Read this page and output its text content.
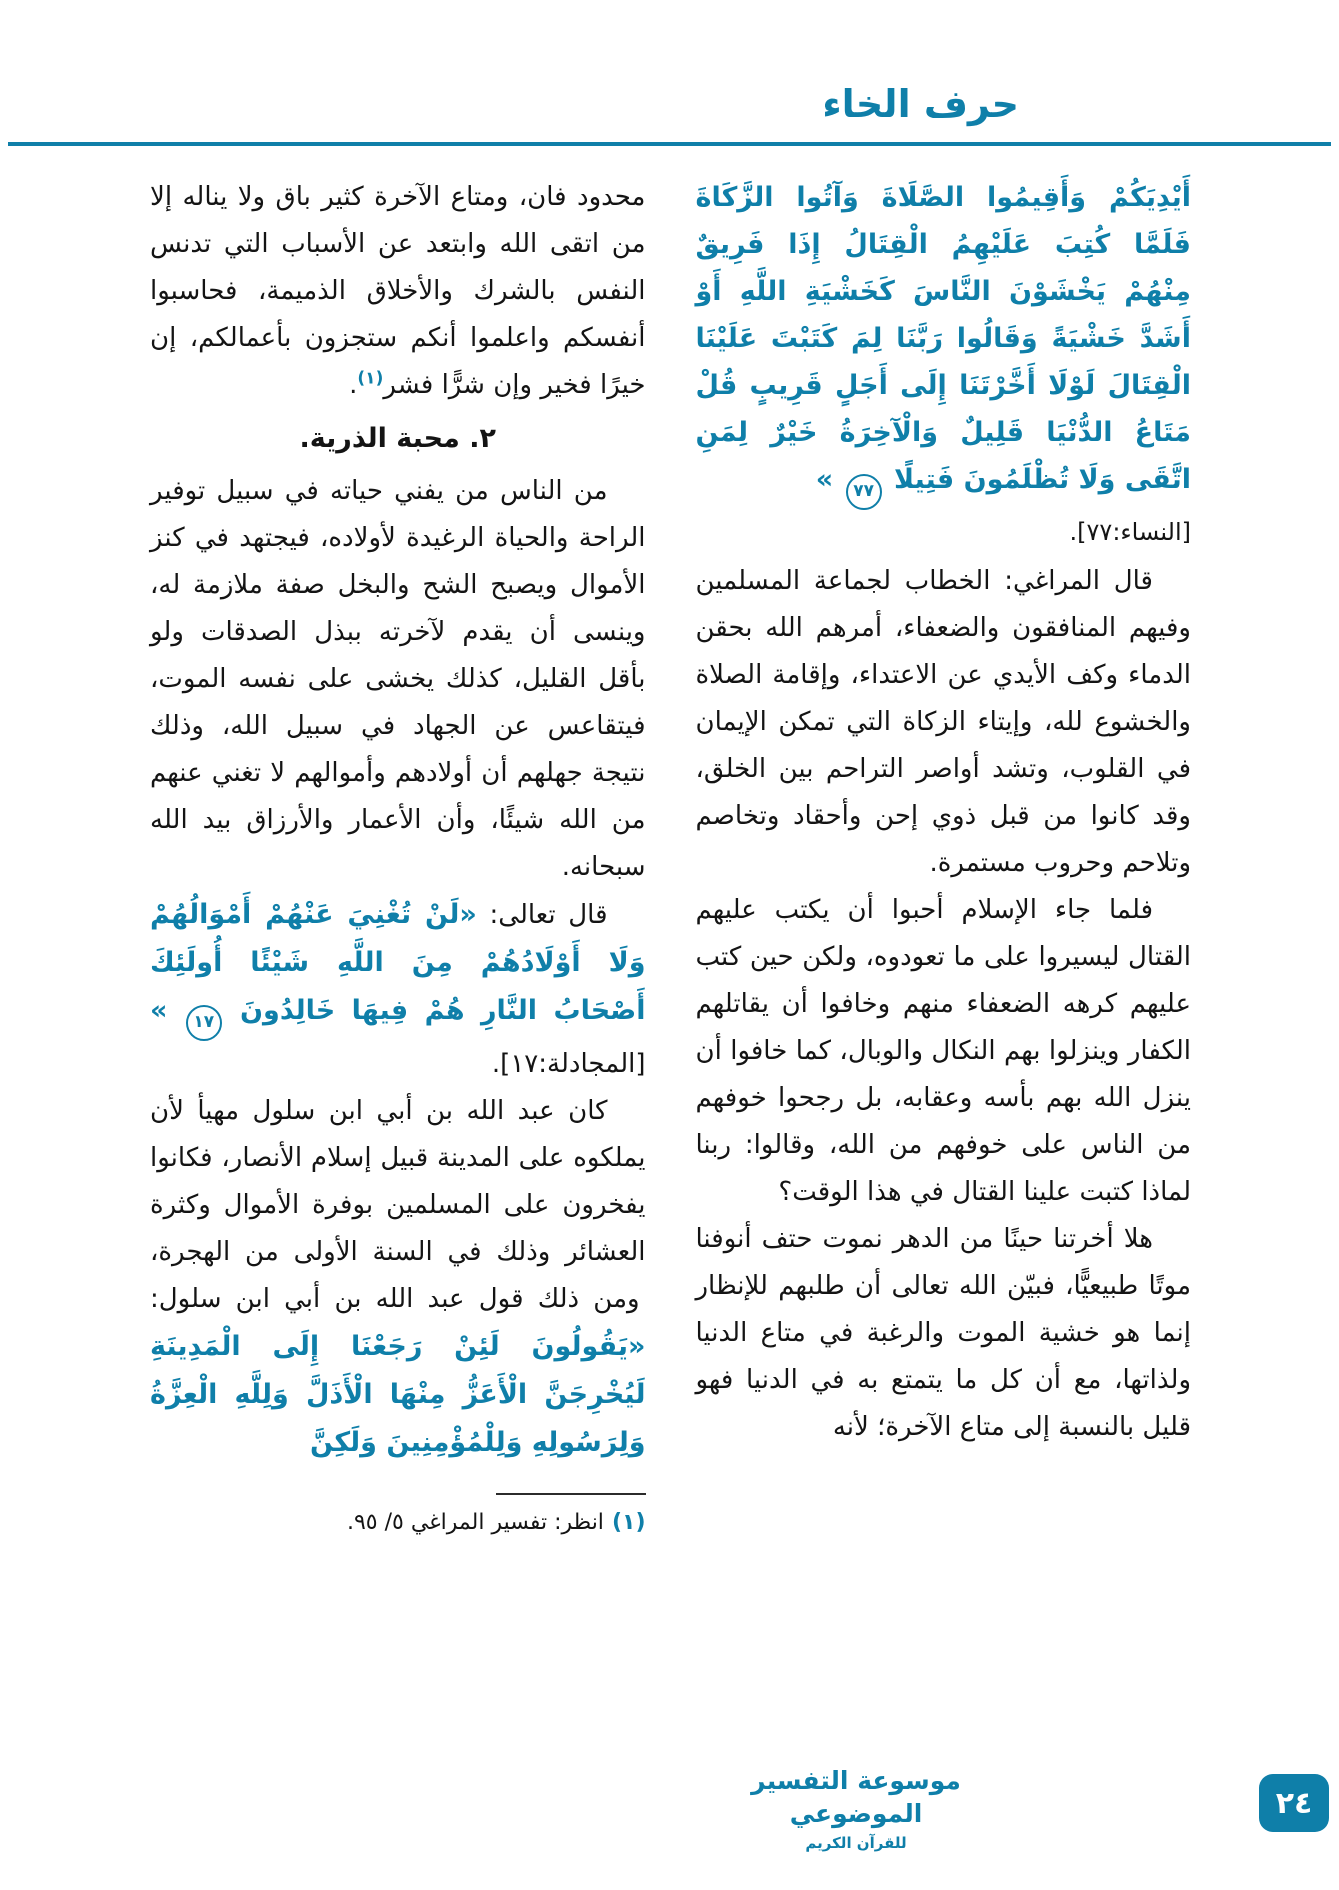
حرف الخاء

أَيْدِيَكُمْ وَأَقِيمُوا الصَّلَاةَ وَآتُوا الزَّكَاةَ فَلَمَّا كُتِبَ عَلَيْهِمُ الْقِتَالُ إِذَا فَرِيقٌ مِنْهُمْ يَخْشَوْنَ النَّاسَ كَخَشْيَةِ اللَّهِ أَوْ أَشَدَّ خَشْيَةً وَقَالُوا رَبَّنَا لِمَ كَتَبْتَ عَلَيْنَا الْقِتَالَ لَوْلَا أَخَّرْتَنَا إِلَى أَجَلٍ قَرِيبٍ قُلْ مَتَاعُ الدُّنْيَا قَلِيلٌ وَالْآخِرَةُ خَيْرٌ لِمَنِ اتَّقَى وَلَا تُظْلَمُونَ فَتِيلًا ٧٧ »

[النساء:٧٧].

قال المراغي: الخطاب لجماعة المسلمين وفيهم المنافقون والضعفاء، أمرهم الله بحقن الدماء وكف الأيدي عن الاعتداء، وإقامة الصلاة والخشوع لله، وإيتاء الزكاة التي تمكن الإيمان في القلوب، وتشد أواصر التراحم بين الخلق، وقد كانوا من قبل ذوي إحن وأحقاد وتخاصم وتلاحم وحروب مستمرة.

فلما جاء الإسلام أحبوا أن يكتب عليهم القتال ليسيروا على ما تعودوه، ولكن حين كتب عليهم كرهه الضعفاء منهم وخافوا أن يقاتلهم الكفار وينزلوا بهم النكال والوبال، كما خافوا أن ينزل الله بهم بأسه وعقابه، بل رجحوا خوفهم من الناس على خوفهم من الله، وقالوا: ربنا لماذا كتبت علينا القتال في هذا الوقت؟

هلا أخرتنا حينًا من الدهر نموت حتف أنوفنا موتًا طبيعيًّا، فبيّن الله تعالى أن طلبهم للإنظار إنما هو خشية الموت والرغبة في متاع الدنيا ولذاتها، مع أن كل ما يتمتع به في الدنيا فهو قليل بالنسبة إلى متاع الآخرة؛ لأنه

محدود فان، ومتاع الآخرة كثير باق ولا يناله إلا من اتقى الله وابتعد عن الأسباب التي تدنس النفس بالشرك والأخلاق الذميمة، فحاسبوا أنفسكم واعلموا أنكم ستجزون بأعمالكم، إن خيرًا فخير وإن شرًّا فشر$^{(١)}$.

٢. محبة الذرية.

من الناس من يفني حياته في سبيل توفير الراحة والحياة الرغيدة لأولاده، فيجتهد في كنز الأموال ويصبح الشح والبخل صفة ملازمة له، وينسى أن يقدم لآخرته ببذل الصدقات ولو بأقل القليل، كذلك يخشى على نفسه الموت، فيتقاعس عن الجهاد في سبيل الله، وذلك نتيجة جهلهم أن أولادهم وأموالهم لا تغني عنهم من الله شيئًا، وأن الأعمار والأرزاق بيد الله سبحانه.

قال تعالى: «لَنْ تُغْنِيَ عَنْهُمْ أَمْوَالُهُمْ وَلَا أَوْلَادُهُمْ مِنَ اللَّهِ شَيْئًا أُولَئِكَ أَصْحَابُ النَّارِ هُمْ فِيهَا خَالِدُونَ ١٧ » [المجادلة:١٧].

كان عبد الله بن أبي ابن سلول مهيأ لأن يملكوه على المدينة قبيل إسلام الأنصار، فكانوا يفخرون على المسلمين بوفرة الأموال وكثرة العشائر وذلك في السنة الأولى من الهجرة، ومن ذلك قول عبد الله بن أبي ابن سلول: «يَقُولُونَ لَئِنْ رَجَعْنَا إِلَى الْمَدِينَةِ لَيُخْرِجَنَّ الْأَعَزُّ مِنْهَا الْأَذَلَّ وَلِلَّهِ الْعِزَّةُ وَلِرَسُولِهِ وَلِلْمُؤْمِنِينَ وَلَكِنَّ

(١)انظر: تفسير المراغي ٥/ ٩٥.

موسوعة التفسير الموضوعي
للقرآن الكريم
٢٤
